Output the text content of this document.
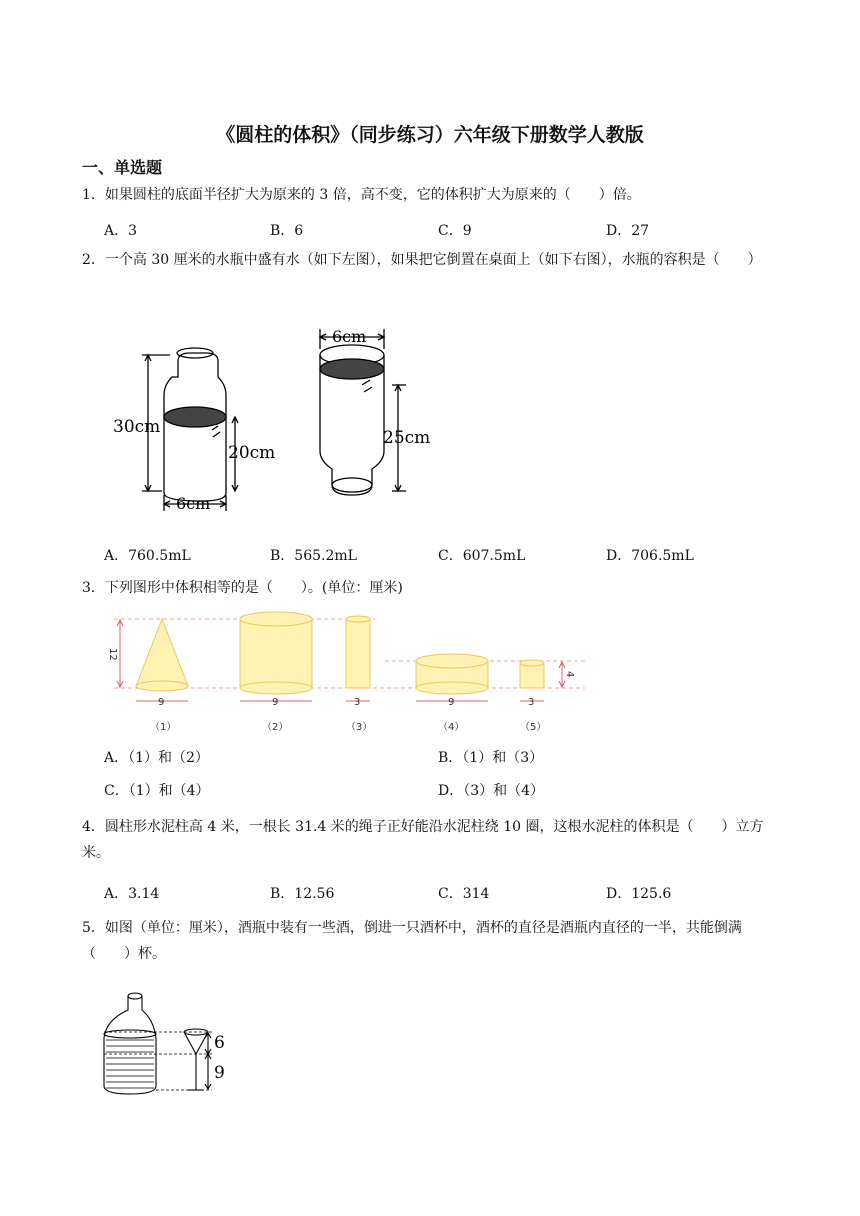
《圆柱的体积》（同步练习）六年级下册数学人教版
一、单选题
1．如果圆柱的底面半径扩大为原来的 3 倍，高不变，它的体积扩大为原来的（　　）倍。
A．3	B．6	C．9	D．27
2．一个高 30 厘米的水瓶中盛有水（如下左图），如果把它倒置在桌面上（如下右图），水瓶的容积是（　　）
30cm
20cm
6cm
6cm
25cm
A．760.5mL	B．565.2mL	C．607.5mL	D．706.5mL
3．下列图形中体积相等的是（　　）。(单位：厘米)
12
4
9	9	3	9	3
（1）	（2）	（3）	（4）	（5）
A．（1）和（2）	B．（1）和（3）
C．（1）和（4）	D．（3）和（4）
4．圆柱形水泥柱高 4 米，一根长 31.4 米的绳子正好能沿水泥柱绕 10 圈，这根水泥柱的体积是（　　）立方米。
A．3.14	B．12.56	C．314	D．125.6
5．如图（单位：厘米），酒瓶中装有一些酒，倒进一只酒杯中，酒杯的直径是酒瓶内直径的一半，共能倒满（　　）杯。
6
9
